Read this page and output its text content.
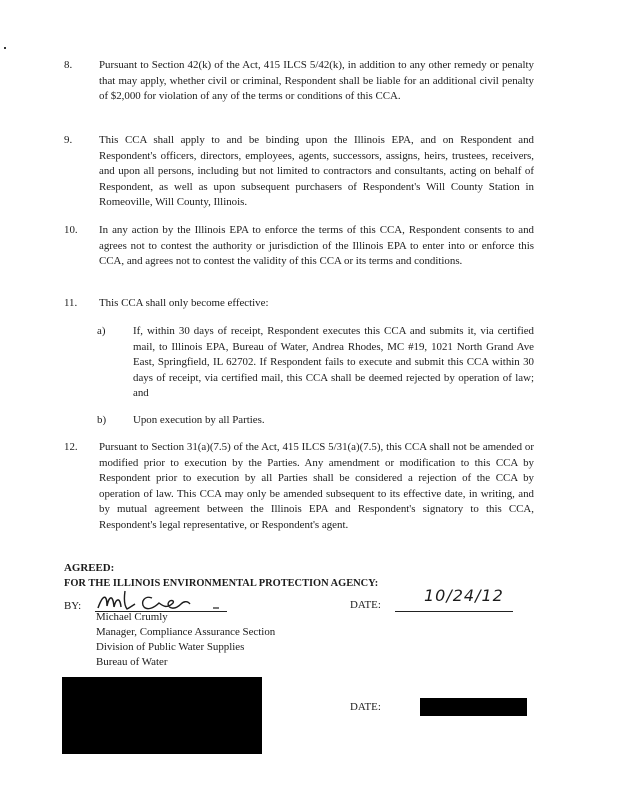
8. Pursuant to Section 42(k) of the Act, 415 ILCS 5/42(k), in addition to any other remedy or penalty that may apply, whether civil or criminal, Respondent shall be liable for an additional civil penalty of $2,000 for violation of any of the terms or conditions of this CCA.
9. This CCA shall apply to and be binding upon the Illinois EPA, and on Respondent and Respondent's officers, directors, employees, agents, successors, assigns, heirs, trustees, receivers, and upon all persons, including but not limited to contractors and consultants, acting on behalf of Respondent, as well as upon subsequent purchasers of Respondent's Will County Station in Romeoville, Will County, Illinois.
10. In any action by the Illinois EPA to enforce the terms of this CCA, Respondent consents to and agrees not to contest the authority or jurisdiction of the Illinois EPA to enter into or enforce this CCA, and agrees not to contest the validity of this CCA or its terms and conditions.
11. This CCA shall only become effective:
a)	If, within 30 days of receipt, Respondent executes this CCA and submits it, via certified mail, to Illinois EPA, Bureau of Water, Andrea Rhodes, MC #19, 1021 North Grand Ave East, Springfield, IL 62702. If Respondent fails to execute and submit this CCA within 30 days of receipt, via certified mail, this CCA shall be deemed rejected by operation of law; and
b) Upon execution by all Parties.
12. Pursuant to Section 31(a)(7.5) of the Act, 415 ILCS 5/31(a)(7.5), this CCA shall not be amended or modified prior to execution by the Parties. Any amendment or modification to this CCA by Respondent prior to execution by all Parties shall be considered a rejection of the CCA by operation of law. This CCA may only be amended subsequent to its effective date, in writing, and by mutual agreement between the Illinois EPA and Respondent's signatory to this CCA, Respondent's legal representative, or Respondent's agent.
AGREED:
FOR THE ILLINOIS ENVIRONMENTAL PROTECTION AGENCY:
BY:	DATE:	10/24/12
Michael Crumly
Manager, Compliance Assurance Section
Division of Public Water Supplies
Bureau of Water
DATE:
